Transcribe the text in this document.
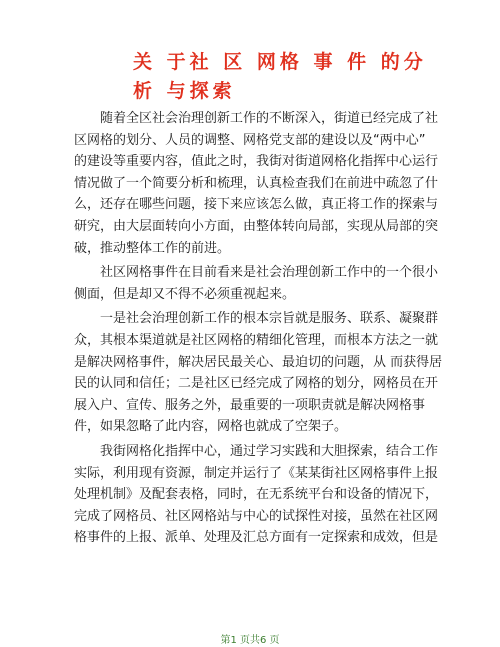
关 于社 区 网格 事 件 的分
析 与探索

随着全区社会治理创新工作的不断深入，街道已经完成了社
区网格的划分、人员的调整、网格党支部的建设以及“两中心”
的建设等重要内容，值此之时，我街对街道网格化指挥中心运行
情况做了一个简要分析和梳理，认真检查我们在前进中疏忽了什
么，还存在哪些问题，接下来应该怎么做，真正将工作的探索与
研究，由大层面转向小方面，由整体转向局部，实现从局部的突
破，推动整体工作的前进。

社区网格事件在目前看来是社会治理创新工作中的一个很小
侧面，但是却又不得不必须重视起来。

一是社会治理创新工作的根本宗旨就是服务、联系、凝聚群
众，其根本渠道就是社区网格的精细化管理，而根本方法之一就
是解决网格事件，解决居民最关心、最迫切的问题，从 而获得居
民的认同和信任；二是社区已经完成了网格的划分，网格员在开
展入户、宣传、服务之外，最重要的一项职责就是解决网格事
件，如果忽略了此内容，网格也就成了空架子。

我街网格化指挥中心，通过学习实践和大胆探索，结合工作
实际，利用现有资源，制定并运行了《某某街社区网格事件上报
处理机制》及配套表格，同时，在无系统平台和设备的情况下，
完成了网格员、社区网格站与中心的试探性对接，虽然在社区网
格事件的上报、派单、处理及汇总方面有一定探索和成效，但是

第1 页共6 页
